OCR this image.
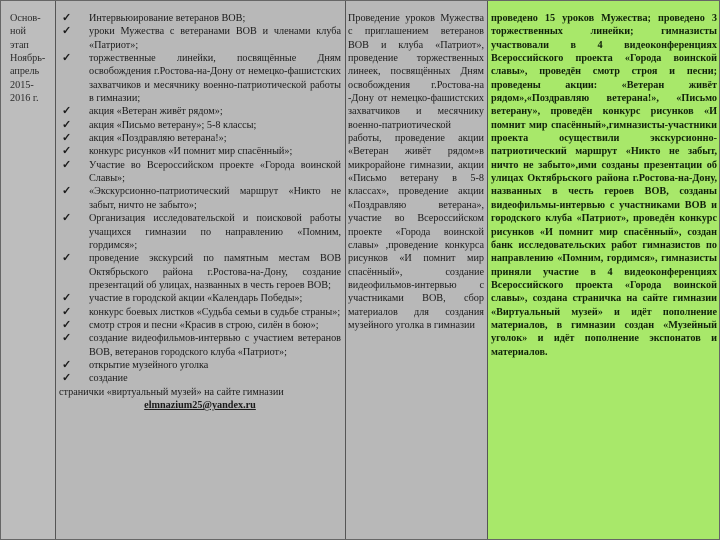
Основ-
ной
этап
Ноябрь-
апрель
2015-
2016 г.
✓ Интервьюирование ветеранов ВОВ;
✓ уроки Мужества с ветеранами ВОВ и членами клуба «Патриот»;
✓ торжественные линейки, посвящённые Дням освобождения г.Ростова-на-Дону от немецко-фашистских захватчиков и месячнику военно-патриотической работы в гимназии;
✓ акция «Ветеран живёт рядом»;
✓ акция «Письмо ветерану»; 5-8 классы;
✓ акция «Поздравляю ветерана!»;
✓ конкурс рисунков «И помнит мир спасённый»;
✓ Участие во Всероссийском проекте «Города воинской Славы»;
✓ «Экскурсионно-патриотический маршрут «Никто не забыт, ничто не забыто»;
✓ Организация исследовательской и поисковой работы учащихся гимназии по направлению «Помним, гордимся»;
✓ проведение экскурсий по памятным местам ВОВ Октябрьского района г.Ростова-на-Дону, создание презентаций об улицах, названных в честь героев ВОВ;
✓ участие в городской акции «Календарь Победы»;
✓ конкурс боевых листков «Судьба семьи в судьбе страны»;
✓ смотр строя и песни «Красив в строю, силён в бою»;
✓ создание видеофильмов-интервью с участием ветеранов ВОВ, ветеранов городского клуба «Патриот»;
✓ открытие музейного уголка
✓ создание
странички «виртуальный музей» на сайте гимназии
elmnazium25@yandex.ru
Проведение уроков Мужества с приглашением ветеранов ВОВ и клуба «Патриот», проведение торжественных линеек, посвящённых Дням освобождения г.Ростова-на -Дону от немецко-фашистских захватчиков и месячнику военно-патриотической работы, проведение акции «Ветеран живёт рядом»в микрорайоне гимназии, акции «Письмо ветерану в 5-8 классах», проведение акции «Поздравляю ветерана», участие во Всероссийском проекте «Города воинской славы» ,проведение конкурса рисунков «И помнит мир спасённый», создание видеофильмов-интервью с участниками ВОВ, сбор материалов для создания музейного уголка в гимназии
проведено 15 уроков Мужества; проведено 3 торжественных линейки; гимназисты участвовали в 4 видеоконференциях Всероссийского проекта «Города воинской славы», проведён смотр строя и песни; проведены акции: «Ветеран живёт рядом»,«Поздравляю ветерана!», «Письмо ветерану», проведён конкурс рисунков «И помнит мир спасённый»,гимназисты-участники проекта осуществили экскурсионно-патриотический маршрут «Никто не забыт, ничто не забыто»,ими созданы презентации об улицах Октябрьского района г.Ростова-на-Дону, названных в честь героев ВОВ, созданы видеофильмы-интервью с участниками ВОВ и городского клуба «Патриот», проведён конкурс рисунков «И помнит мир спасённый», создан банк исследовательских работ гимназистов по направлению «Помним, гордимся», гимназисты приняли участие в 4 видеоконференциях Всероссийского проекта «Города воинской славы», создана страничка на сайте гимназии «Виртуальный музей» и идёт пополнение материалов, в гимназии создан «Музейный уголок» и идёт пополнение экспонатов и материалов.
